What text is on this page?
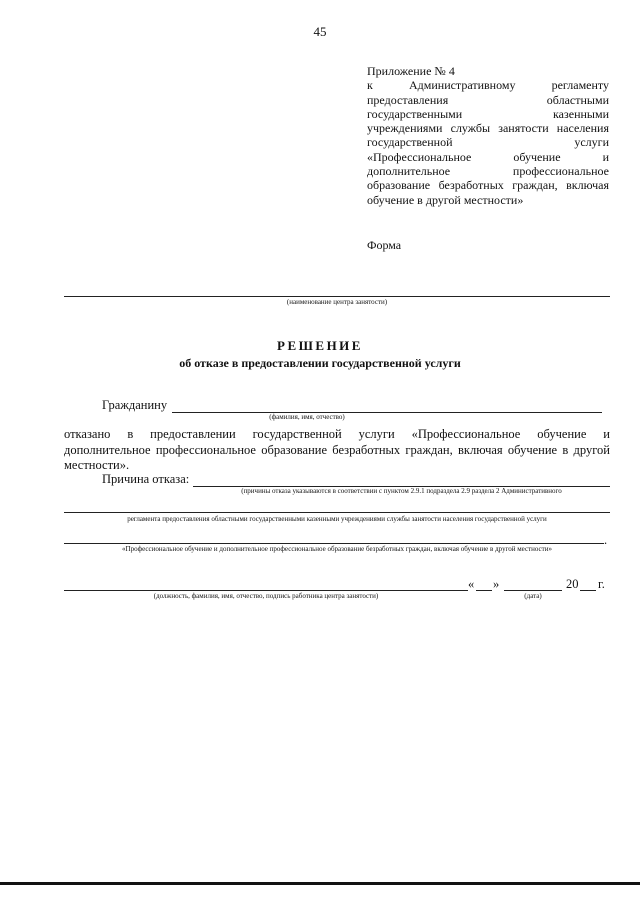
45
Приложение № 4
к Административному регламенту
предоставления областными
государственными казенными
учреждениями службы занятости населения
государственной услуги
«Профессиональное обучение и
дополнительное профессиональное
образование безработных граждан, включая
обучение в другой местности»
Форма
(наименование центра занятости)
РЕШЕНИЕ
об отказе в предоставлении государственной услуги
Гражданину
(фамилия, имя, отчество)
отказано в предоставлении государственной услуги «Профессиональное обучение и
дополнительное профессиональное образование безработных граждан, включая обучение в другой
местности».
Причина отказа:
(причины отказа указываются в соответствии с пунктом 2.9.1 подраздела 2.9 раздела 2 Административного
регламента предоставления областными государственными казенными учреждениями службы занятости населения государственной услуги
.
«Профессиональное обучение и дополнительное профессиональное образование безработных граждан, включая обучение в другой местности»
(должность, фамилия, имя, отчество, подпись работника центра занятости)
« »
(дата)
20 г.
